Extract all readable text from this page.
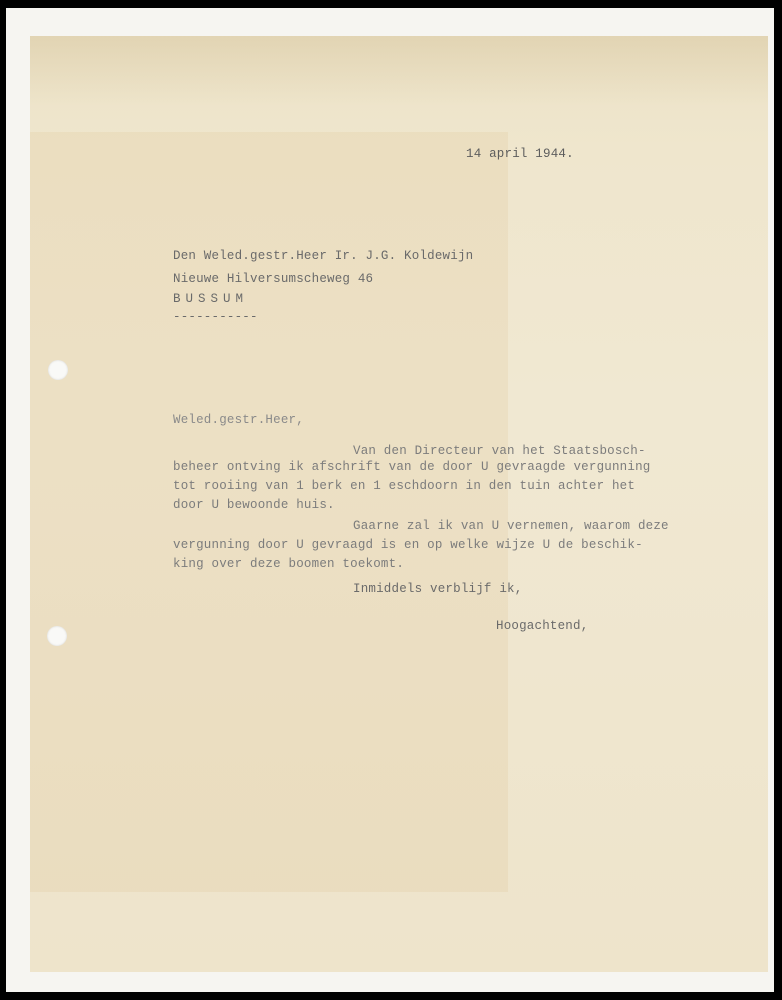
14 april 1944.
Den Weled.gestr.Heer Ir. J.G. Koldewijn
Nieuwe Hilversumscheweg 46
BUSSUM
-----------
Weled.gestr.Heer,
Van den Directeur van het Staatsbosch-
beheer ontving ik afschrift van de door U gevraagde vergunning
tot rooiing van 1 berk en 1 eschdoorn in den tuin achter het
door U bewoonde huis.
Gaarne zal ik van U vernemen, waarom deze
vergunning door U gevraagd is en op welke wijze U de beschik-
king over deze boomen toekomt.
Inmiddels verblijf ik,
Hoogachtend,
